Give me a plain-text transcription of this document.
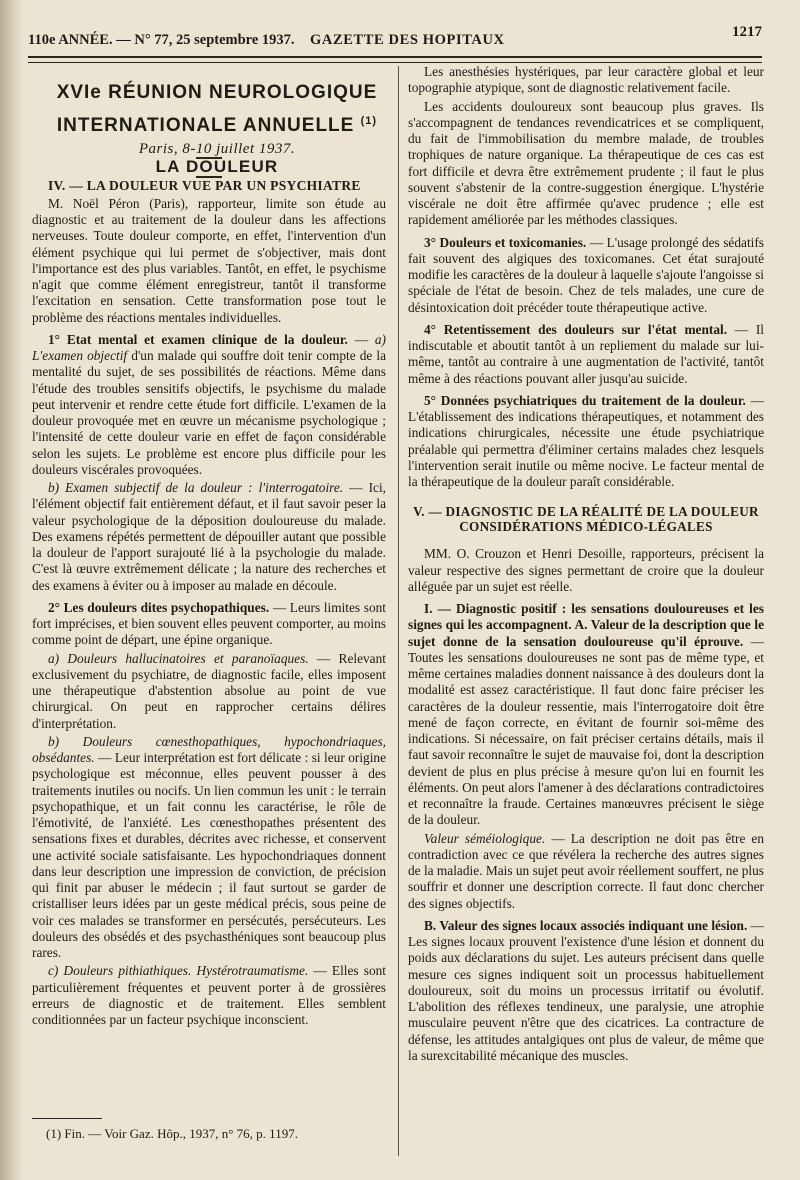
110e ANNÉE. — N° 77, 25 septembre 1937. GAZETTE DES HOPITAUX	1217

XVIe RÉUNION NEUROLOGIQUE

INTERNATIONALE ANNUELLE $^{(1)}$

Paris, 8-10 juillet 1937.

LA DOULEUR

IV. — LA DOULEUR VUE PAR UN PSYCHIATRE

M. Noël Péron (Paris), rapporteur, limite son étude au diagnostic et au traitement de la douleur dans les affections nerveuses. Toute douleur comporte, en effet, l'intervention d'un élément psychique qui lui permet de s'objectiver, mais dont l'importance est des plus variables. Tantôt, en effet, le psychisme n'agit que comme élément enregistreur, tantôt il transforme l'excitation en sensation. Cette transformation pose tout le problème des réactions mentales individuelles.

1° Etat mental et examen clinique de la douleur. — a) L'examen objectif d'un malade qui souffre doit tenir compte de la mentalité du sujet, de ses possibilités de réactions. Même dans l'étude des troubles sensitifs objectifs, le psychisme du malade peut intervenir et rendre cette étude fort difficile. L'examen de la douleur provoquée met en œuvre un mécanisme psychologique ; l'intensité de cette douleur varie en effet de façon considérable selon les sujets. Le problème est encore plus difficile pour les douleurs viscérales provoquées.

b) Examen subjectif de la douleur : l'interrogatoire. — Ici, l'élément objectif fait entièrement défaut, et il faut savoir peser la valeur psychologique de la déposition douloureuse du malade. Des examens répétés permettent de dépouiller autant que possible la douleur de l'apport surajouté lié à la psychologie du malade. C'est là œuvre extrêmement délicate ; la nature des recherches et des examens à éviter ou à imposer au malade en découle.

2° Les douleurs dites psychopathiques. — Leurs limites sont fort imprécises, et bien souvent elles peuvent comporter, au moins comme point de départ, une épine organique.

a) Douleurs hallucinatoires et paranoïaques. — Relevant exclusivement du psychiatre, de diagnostic facile, elles imposent une thérapeutique d'abstention absolue au point de vue chirurgical. On peut en rapprocher certains délires d'interprétation.

b) Douleurs cœnesthopathiques, hypochondriaques, obsédantes. — Leur interprétation est fort délicate : si leur origine psychologique est méconnue, elles peuvent pousser à des traitements inutiles ou nocifs. Un lien commun les unit : le terrain psychopathique, et un fait connu les caractérise, le rôle de l'émotivité, de l'anxiété. Les cœnesthopathes présentent des sensations fixes et durables, décrites avec richesse, et conservent une activité sociale satisfaisante. Les hypochondriaques donnent dans leur description une impression de conviction, de précision qui finit par abuser le médecin ; il faut surtout se garder de cristalliser leurs idées par un geste médical précis, sous peine de voir ces malades se transformer en persécutés, persécuteurs. Les douleurs des obsédés et des psychasthéniques sont beaucoup plus rares.

c) Douleurs pithiathiques. Hystérotraumatisme. — Elles sont particulièrement fréquentes et peuvent porter à de grossières erreurs de diagnostic et de traitement. Elles semblent conditionnées par un facteur psychique inconscient.

Les anesthésies hystériques, par leur caractère global et leur topographie atypique, sont de diagnostic relativement facile.

Les accidents douloureux sont beaucoup plus graves. Ils s'accompagnent de tendances revendicatrices et se compliquent, du fait de l'immobilisation du membre malade, de troubles trophiques de nature organique. La thérapeutique de ces cas est fort difficile et devra être extrêmement prudente ; il faut le plus souvent s'abstenir de la contre-suggestion énergique. L'hystérie viscérale ne doit être affirmée qu'avec prudence ; elle est rapidement améliorée par les méthodes classiques.

3° Douleurs et toxicomanies. — L'usage prolongé des sédatifs fait souvent des algiques des toxicomanes. Cet état surajouté modifie les caractères de la douleur à laquelle s'ajoute l'angoisse si spéciale de l'état de besoin. Chez de tels malades, une cure de désintoxication doit précéder toute thérapeutique active.

4° Retentissement des douleurs sur l'état mental. — Il indiscutable et aboutit tantôt à un repliement du malade sur lui-même, tantôt au contraire à une augmentation de l'activité, tantôt même à des réactions pouvant aller jusqu'au suicide.

5° Données psychiatriques du traitement de la douleur. — L'établissement des indications thérapeutiques, et notamment des indications chirurgicales, nécessite une étude psychiatrique préalable qui permettra d'éliminer certains malades chez lesquels l'intervention serait inutile ou même nocive. Le facteur mental de la thérapeutique de la douleur paraît considérable.

V. — DIAGNOSTIC DE LA RÉALITÉ DE LA DOULEUR
CONSIDÉRATIONS MÉDICO-LÉGALES

MM. O. Crouzon et Henri Desoille, rapporteurs, précisent la valeur respective des signes permettant de croire que la douleur alléguée par un sujet est réelle.

I. — Diagnostic positif : les sensations douloureuses et les signes qui les accompagnent. A. Valeur de la description que le sujet donne de la sensation douloureuse qu'il éprouve. — Toutes les sensations douloureuses ne sont pas de même type, et même certaines maladies donnent naissance à des douleurs dont la modalité est assez caractéristique. Il faut donc faire préciser les caractères de la douleur ressentie, mais l'interrogatoire doit être mené de façon correcte, en évitant de fournir soi-même des indications. Si nécessaire, on fait préciser certains détails, mais il faut savoir reconnaître le sujet de mauvaise foi, dont la description devient de plus en plus précise à mesure qu'on lui en fournit les éléments. On peut alors l'amener à des déclarations contradictoires et reconnaître la fraude. Certaines manœuvres précisent le siège de la douleur.

Valeur séméiologique. — La description ne doit pas être en contradiction avec ce que révélera la recherche des autres signes de la maladie. Mais un sujet peut avoir réellement souffert, ne plus souffrir et donner une description correcte. Il faut donc chercher des signes objectifs.

B. Valeur des signes locaux associés indiquant une lésion. — Les signes locaux prouvent l'existence d'une lésion et donnent du poids aux déclarations du sujet. Les auteurs précisent dans quelle mesure ces signes indiquent soit un processus habituellement douloureux, soit du moins un processus irritatif ou évolutif. L'abolition des réflexes tendineux, une paralysie, une atrophie musculaire peuvent n'être que des cicatrices. La contracture de défense, les attitudes antalgiques ont plus de valeur, de même que la surexcitabilité mécanique des muscles.

(1) Fin. — Voir Gaz. Hôp., 1937, n° 76, p. 1197.
